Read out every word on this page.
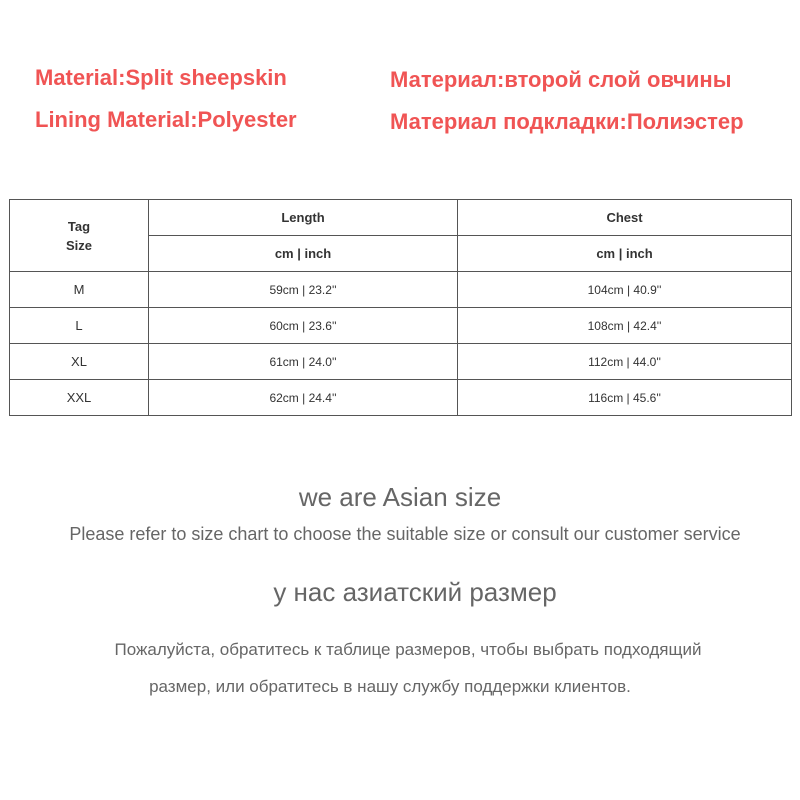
Material:Split sheepskin
Lining Material:Polyester
Материал:второй слой овчины
Материал подкладки:Полиэстер
Tag
Size	Length	Chest
	cm | inch	cm | inch
M	59cm | 23.2''	104cm | 40.9''
L	60cm | 23.6''	108cm | 42.4''
XL	61cm | 24.0''	112cm | 44.0''
XXL	62cm | 24.4''	116cm | 45.6''
we are Asian size
Please refer to size chart to choose the suitable size or consult our customer service
у нас азиатский размер
Пожалуйста, обратитесь к таблице размеров, чтобы выбрать подходящий
размер, или обратитесь в нашу службу поддержки клиентов.
